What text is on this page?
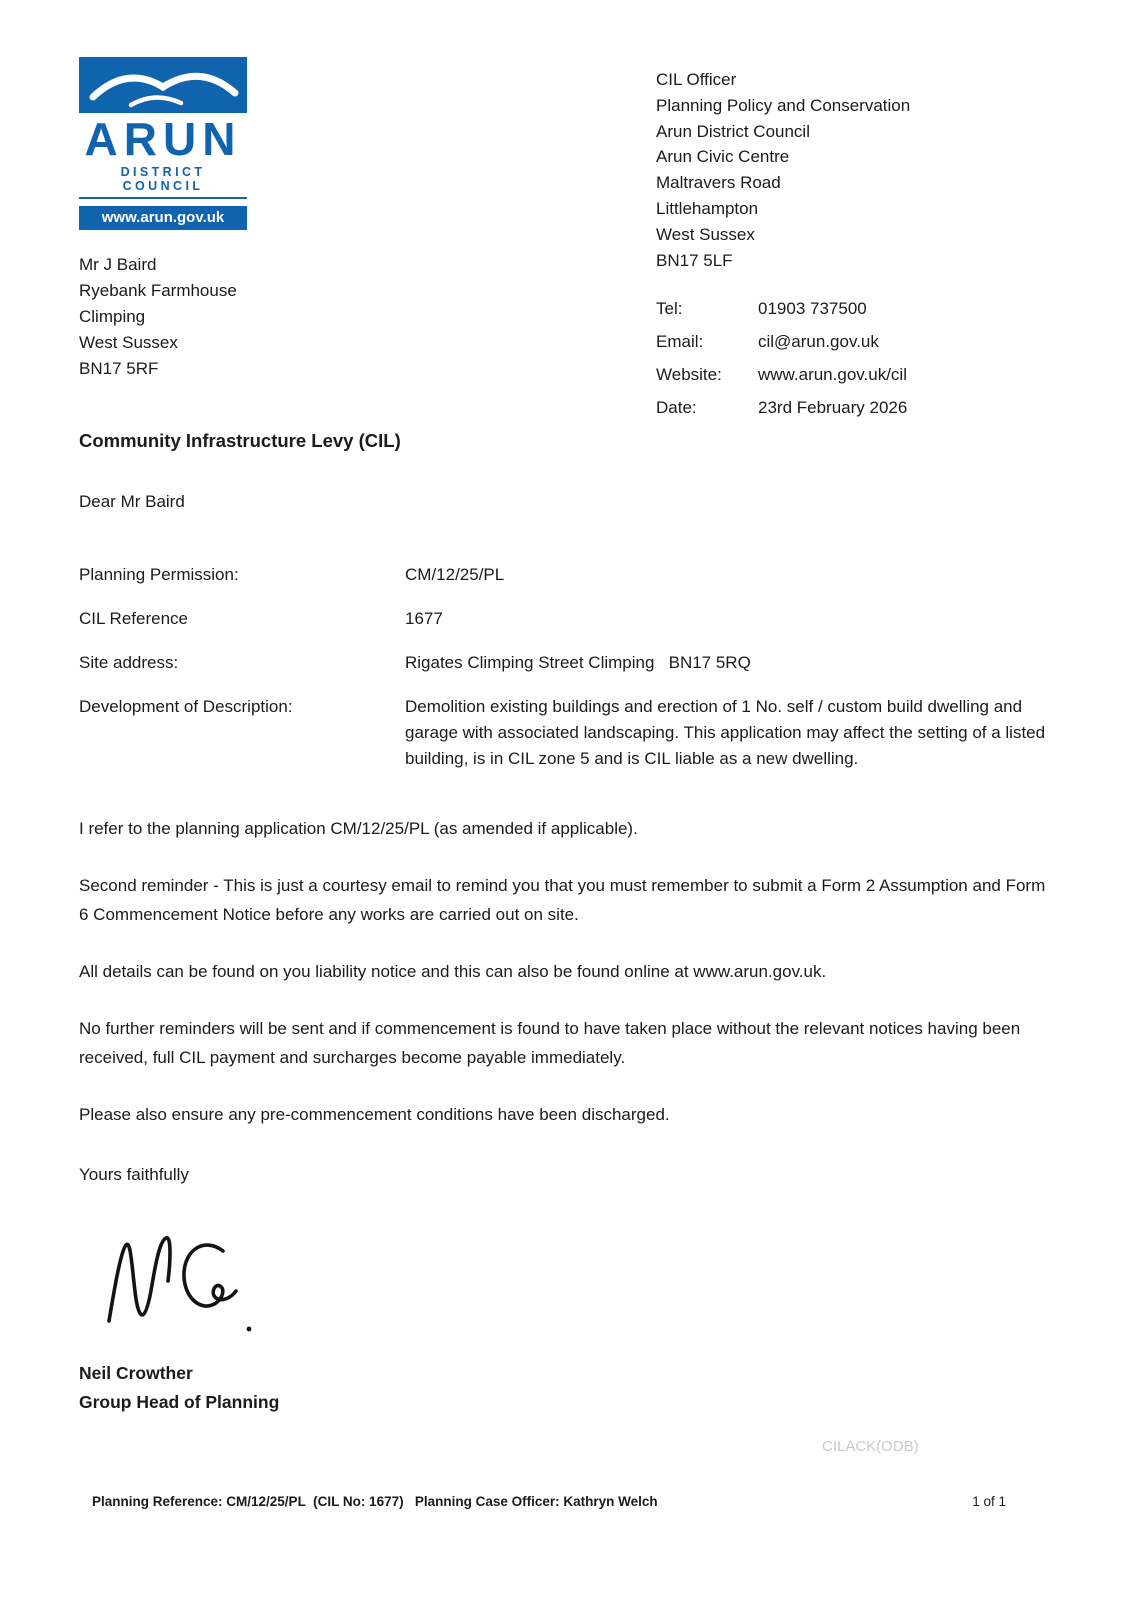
ARUN
DISTRICT COUNCIL
www.arun.gov.uk
Mr J Baird
Ryebank Farmhouse
Climping
West Sussex
BN17 5RF
CIL Officer
Planning Policy and Conservation
Arun District Council
Arun Civic Centre
Maltravers Road
Littlehampton
West Sussex
BN17 5LF
Tel:	01903 737500
Email:	cil@arun.gov.uk
Website:	www.arun.gov.uk/cil
Date:	23rd February 2026
Community Infrastructure Levy (CIL)
Dear Mr Baird
Planning Permission:	CM/12/25/PL
CIL Reference	1677
Site address:	Rigates Climping Street Climping   BN17 5RQ
Development of Description:	Demolition existing buildings and erection of 1 No. self / custom build dwelling and garage with associated landscaping. This application may affect the setting of a listed building, is in CIL zone 5 and is CIL liable as a new dwelling.
I refer to the planning application CM/12/25/PL (as amended if applicable).
Second reminder - This is just a courtesy email to remind you that you must remember to submit a Form 2 Assumption and Form 6 Commencement Notice before any works are carried out on site.
All details can be found on you liability notice and this can also be found online at www.arun.gov.uk.
No further reminders will be sent and if commencement is found to have taken place without the relevant notices having been received, full CIL payment and surcharges become payable immediately.
Please also ensure any pre-commencement conditions have been discharged.
Yours faithfully
Neil Crowther
Group Head of Planning
CILACK(ODB)
Planning Reference: CM/12/25/PL  (CIL No: 1677)   Planning Case Officer: Kathryn Welch	1 of 1
